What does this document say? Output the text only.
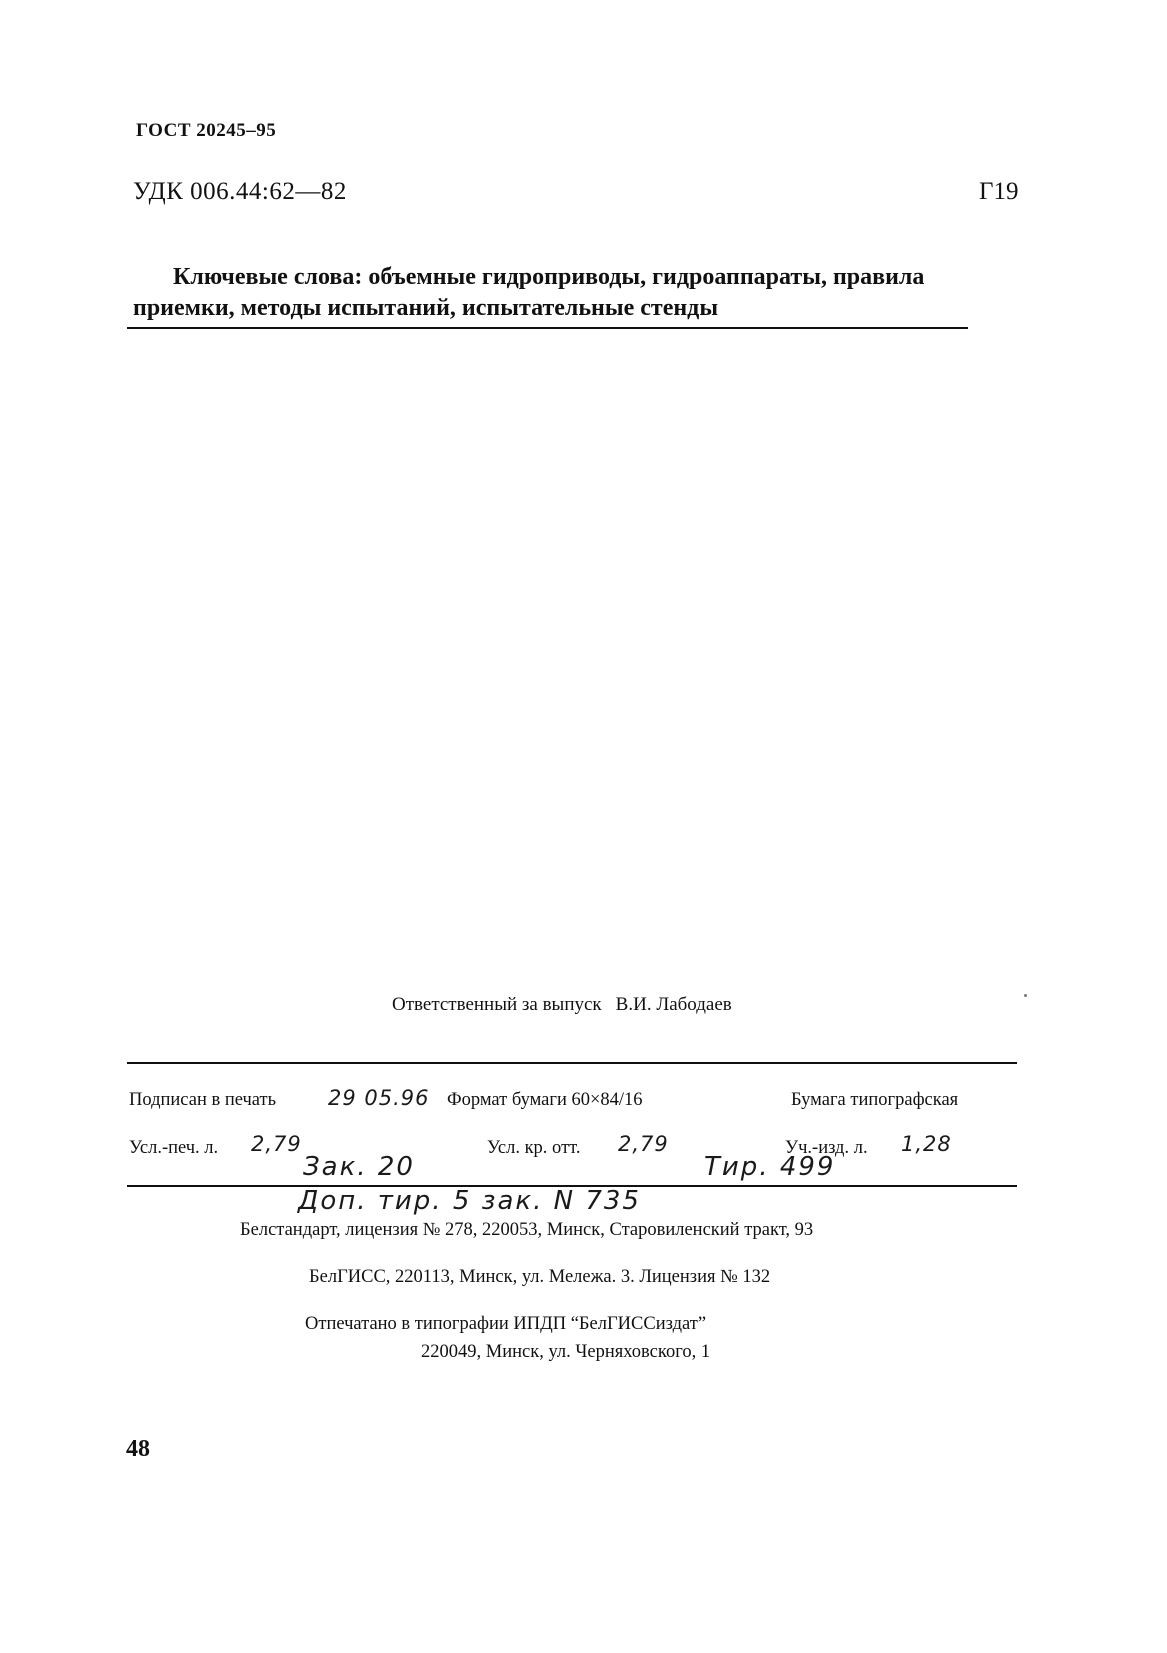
ГОСТ 20245–95
УДК 006.44:62—82	Г19
Ключевые слова: объемные гидроприводы, гидроаппараты, правила приемки, методы испытаний, испытательные стенды
Ответственный за выпуск В.И. Лабодаев
Подписан в печать 29 05.96 Формат бумаги 60×84/16	Бумага типографская
Усл.-печ. л. 2,79
Зак. 20
Усл. кр. отт. 2,79
Тир. 499
Уч.-изд. л. 1,28
Доп. тир. 5 зак. N 735
Белстандарт, лицензия № 278, 220053, Минск, Старовиленский тракт, 93
БелГИСС, 220113, Минск, ул. Мележа. 3. Лицензия № 132
Отпечатано в типографии ИПДП “БелГИССиздат”
220049, Минск, ул. Черняховского, 1
48
